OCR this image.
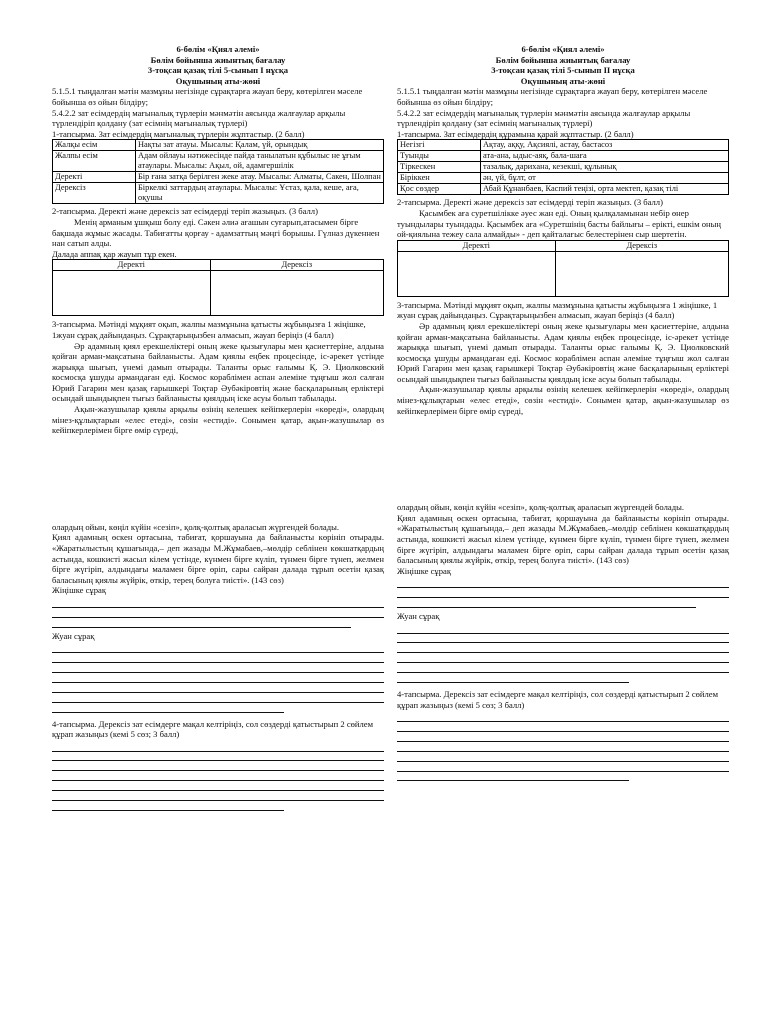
6-бөлім «Қиял әлемі»

Бөлім бойынша жиынтық бағалау

3-тоқсан қазақ тілі 5-сынып I нұсқа

Оқушының аты-жөні

5.1.5.1 тыңдалған мәтін мазмұны негізінде сұрақтарға жауап беру, көтерілген мәселе бойынша өз ойын білдіру;

5.4.2.2 зат есімдердің мағыналық түрлерін мәнмәтін аясында жалғаулар арқылы түрлендіріп қолдану (зат есімнің мағыналық түрлері)

1-тапсырма. Зат есімдердің мағыналық түрлерін жұптастыр. (2 балл)

Жалқы есім	Нақты зат атауы. Мысалы: Қалам, үй, орындық
Жалпы есім	Адам ойлауы нәтижесінде пайда танылатын құбылыс не ұғым атаулары. Мысалы: Ақыл, ой, адамгершілік
Деректі	Бір ғана затқа берілген жеке атау. Мысалы: Алматы, Сакен, Шолпан
Дерексіз	Біркелкі заттардың атаулары. Мысалы: Ұстаз, қала, кеше, аға, оқушы

2-тапсырма. Деректі және дерексіз зат есімдерді теріп жазыңыз. (3 балл)

Менің арманым ұшқыш болу еді. Сәкен әлиә ағашын суғарып,атасымен бірге бақшада жұмыс жасады. Табиғатты қорғау - адамзаттың мәңгі борышы. Гүлназ дүкеннен нан сатып алды.

Далада аппақ қар жауып тұр екен.

Деректі	Дерексіз

3-тапсырма. Мәтінді мұқият оқып, жалпы мазмұнына қатысты жұбыңызға 1 жіңішке, 1жуан сұрақ дайындаңыз. Сұрақтарыңызбен алмасып, жауап беріңіз (4 балл)

Әр адамның қиял ерекшеліктері оның жеке қызығулары мен қасиеттеріне, алдына қойған арман-мақсатына байланысты. Адам қиялы еңбек процесінде, іс-әрекет үстінде жарыққа шығып, үнемі дамып отырады. Таланты орыс ғалымы Қ. Э. Циолковский космосқа ұшуды армандаған еді. Космос кораблімен аспан әлеміне тұңғыш жол салған Юрий Гагарин мен қазақ ғарышкері Тоқтар Әубәкіровтің және басқаларының ерліктері осындай шындықпен тығыз байланысты қиялдың іске асуы болып табылады.

Ақын-жазушылар қиялы арқылы өзінің келешек кейіпкерлерін «көреді», олардың мінез-құлықтарын «елес етеді», сөзін «естиді». Сонымен қатар, ақын-жазушылар өз кейіпкерлерімен бірге өмір сүреді,

олардың ойын, көңіл күйін «сезіп», қолқ-қолтық араласып жүргендей болады.

Қиял адамның өскен ортасына, табиғат, қоршауына да байланысты көрініп отырады. «Жаратылыстың құшағында,– деп жазады М.Жұмабаев,–мөлдір себлінен көкшатқардың астында, кошкисті жасыл кілем үстінде, күнмен бірге күліп, түнмен бірге түнеп, желмен бірге жүгіріп, алдындағы маламен бірге өріп, сары сайран далада тұрып өсетін қазақ баласының қиялы жүйрік, өткір, терең болуға тиісті». (143 сөз)

Жіңішке сұрақ

Жуан сұрақ

4-тапсырма. Дерексіз зат есімдерге мақал келтіріңіз, сол сөздерді қатыстырып 2 сөйлем құрап жазыңыз (кемі 5 сөз; 3 балл)

6-бөлім «Қиял әлемі»

Бөлім бойынша жиынтық бағалау

3-тоқсан қазақ тілі 5-сынып II нұсқа

Оқушының аты-жөні

5.1.5.1 тыңдалған мәтін мазмұны негізінде сұрақтарға жауап беру, көтерілген мәселе бойынша өз ойын білдіру;

5.4.2.2 зат есімдердің мағыналық түрлерін мәнмәтін аясында жалғаулар арқылы түрлендіріп қолдану (зат есімнің мағыналық түрлері)

1-тапсырма. Зат есімдердің құрамына қарай жұптастыр. (2 балл)

Негізгі	Ақтау, аққу, Ақсиялі, астау, бастасоз
Туынды	ата-ана, ыдыс-аяқ, бала-шаға
Тіркескен	тазалық, дарихана, кезекші, құлынық
Біріккен	ән, үй, бұлт, от
Қос сөздер	Абай Құнанбаев, Каспий теңізі, орта мектеп, қазақ тілі

2-тапсырма. Деректі және дерексіз зат есімдерді теріп жазыңыз. (3 балл)

Қасымбек аға суретшілікке әуес жан еді. Оның қылқаламынан небір өнер туындылары туындады. Қасымбек аға «Суретшінің басты байлығы – ерікті, ешкім оның ой-қиялына тежеу сала алмайды» - деп қайталағыс белестерінен сыр шертетін.

Деректі	Дерексіз

3-тапсырма. Мәтінді мұқият оқып, жалпы мазмұнына қатысты жұбыңызға 1 жіңішке, 1 жуан сұрақ дайындаңыз. Сұрақтарыңызбен алмасып, жауап беріңіз (4 балл)

Әр адамның қиял ерекшеліктері оның жеке қызығулары мен қасиеттеріне, алдына қойған арман-мақсатына байланысты. Адам қиялы еңбек процесінде, іс-әрекет үстінде жарыққа шығып, үнемі дамып отырады. Таланты орыс ғалымы Қ. Э. Циолковский космосқа ұшуды армандаған еді. Космос кораблімен аспан әлеміне тұңғыш жол салған Юрий Гагарин мен қазақ ғарышкері Тоқтар Әубәкіровтің және басқаларының ерліктері осындай шындықпен тығыз байланысты қиялдың іске асуы болып табылады.

Ақын-жазушылар қиялы арқылы өзінің келешек кейіпкерлерін «көреді», олардың мінез-құлықтарын «елес етеді», сөзін «естиді». Сонымен қатар, ақын-жазушылар өз кейіпкерлерімен бірге өмір сүреді,

олардың ойын, көңіл күйін «сезіп», қолқ-қолтық араласып жүргендей болады.

Қиял адамның өскен ортасына, табиғат, қоршауына да байланысты көрініп отырады. «Жаратылыстың құшағында,– деп жазады М.Жұмабаев,–мөлдір себлінен көкшатқардың астында, кошкисті жасыл кілем үстінде, күнмен бірге күліп, түнмен бірге түнеп, желмен бірге жүгіріп, алдындағы маламен бірге өріп, сары сайран далада тұрып өсетін қазақ баласының қиялы жүйрік, өткір, терең болуға тиісті». (143 сөз)

Жіңішке сұрақ

Жуан сұрақ

4-тапсырма. Дерексіз зат есімдерге мақал келтіріңіз, сол сөздерді қатыстырып 2 сөйлем құрап жазыңыз (кемі 5 сөз; 3 балл)
